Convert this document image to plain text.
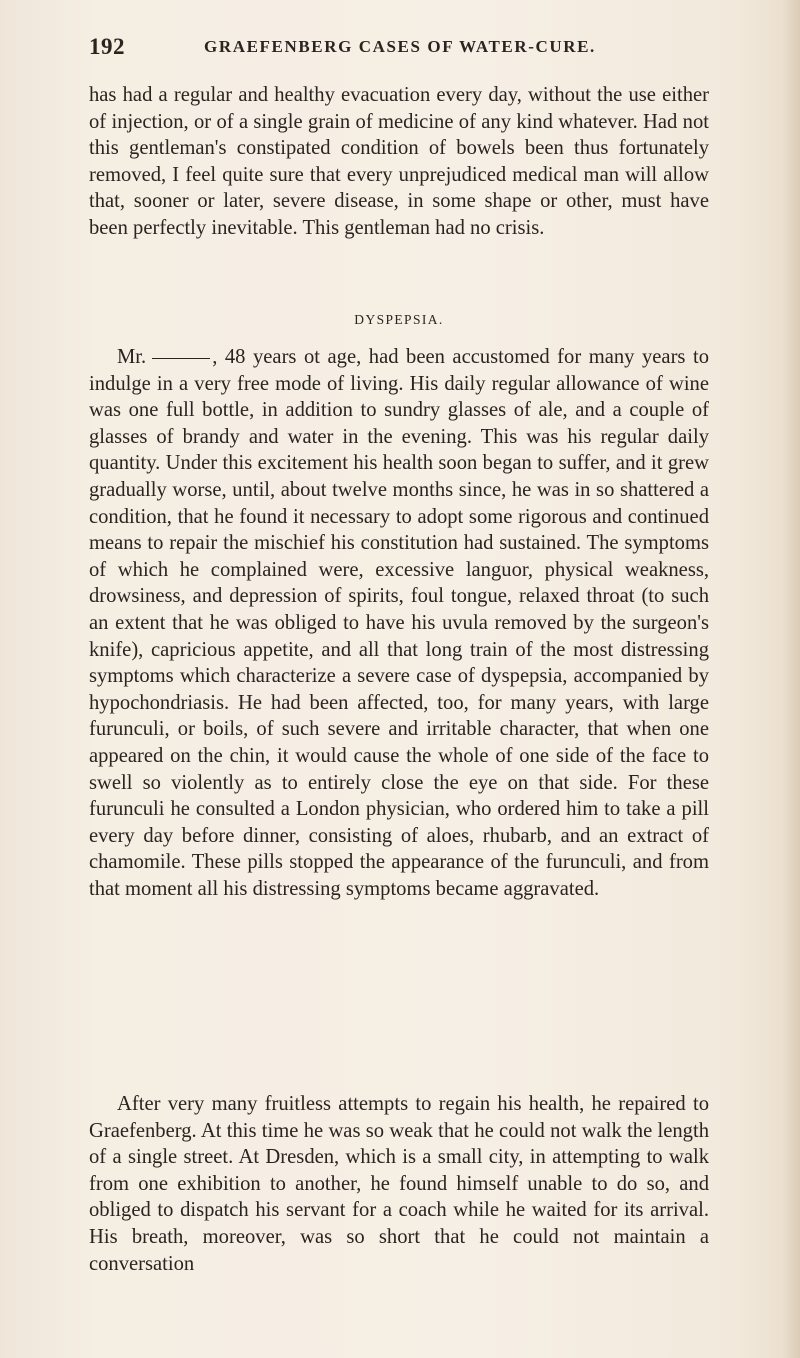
192	GRAEFENBERG CASES OF WATER-CURE.

has had a regular and healthy evacuation every day, without the use either of injection, or of a single grain of medicine of any kind whatever. Had not this gentleman's constipated condition of bowels been thus fortunately removed, I feel quite sure that every unprejudiced medical man will allow that, sooner or later, severe disease, in some shape or other, must have been perfectly inevitable. This gentleman had no crisis.

DYSPEPSIA.

Mr.	, 48 years ot age, had been accustomed for many years to indulge in a very free mode of living. His daily regular allowance of wine was one full bottle, in addition to sundry glasses of ale, and a couple of glasses of brandy and water in the evening. This was his regular daily quantity. Under this excitement his health soon began to suffer, and it grew gradually worse, until, about twelve months since, he was in so shattered a condition, that he found it necessary to adopt some rigorous and continued means to repair the mischief his constitution had sustained. The symptoms of which he complained were, excessive languor, physical weakness, drowsiness, and depression of spirits, foul tongue, relaxed throat (to such an extent that he was obliged to have his uvula removed by the surgeon's knife), capricious appetite, and all that long train of the most distressing symptoms which characterize a severe case of dyspepsia, accompanied by hypochondriasis. He had been affected, too, for many years, with large furunculi, or boils, of such severe and irritable character, that when one appeared on the chin, it would cause the whole of one side of the face to swell so violently as to entirely close the eye on that side. For these furunculi he consulted a London physician, who ordered him to take a pill every day before dinner, consisting of aloes, rhubarb, and an extract of chamomile. These pills stopped the appearance of the furunculi, and from that moment all his distressing symptoms became aggravated.

After very many fruitless attempts to regain his health, he repaired to Graefenberg. At this time he was so weak that he could not walk the length of a single street. At Dresden, which is a small city, in attempting to walk from one exhibition to another, he found himself unable to do so, and obliged to dispatch his servant for a coach while he waited for its arrival. His breath, moreover, was so short that he could not maintain a conversation
